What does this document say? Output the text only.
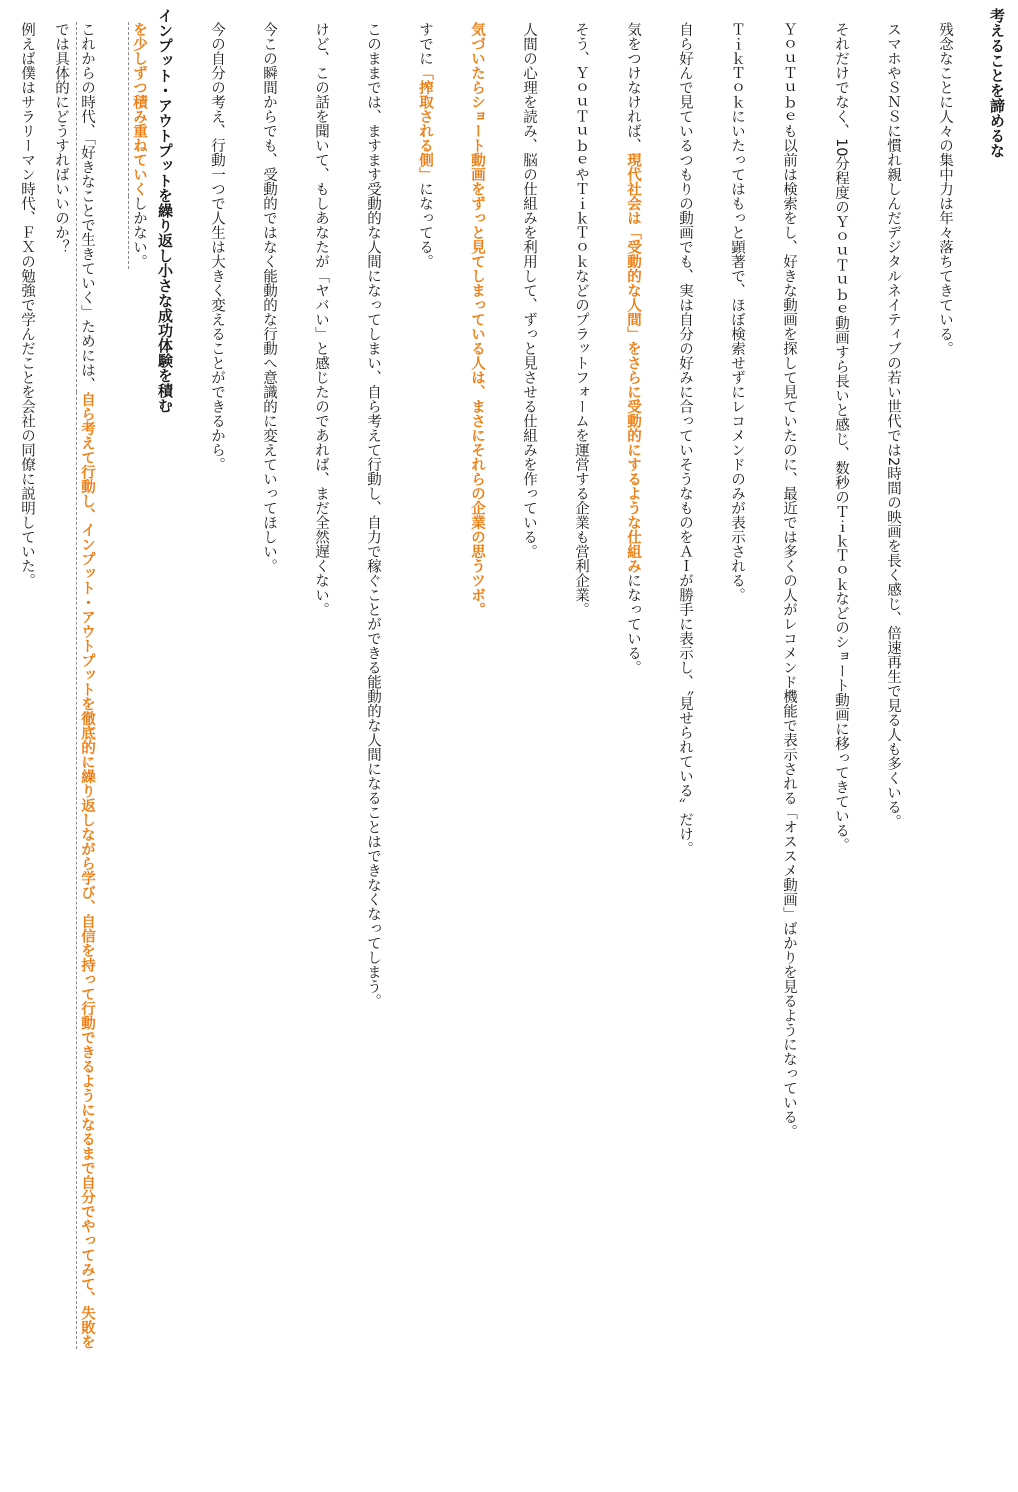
考えることを諦めるな
残念なことに人々の集中力は年々落ちてきている。
スマホやＳＮＳに慣れ親しんだデジタルネイティブの若い世代では2時間の映画を長く感じ、倍速再生で見る人も多くいる。
それだけでなく、10分程度のＹｏｕＴｕｂｅ動画すら長いと感じ、数秒のＴｉｋＴｏｋなどのショート動画に移ってきている。
ＹｏｕＴｕｂｅも以前は検索をし、好きな動画を探して見ていたのに、最近では多くの人がレコメンド機能で表示される「オススメ動画」ばかりを見るようになっている。
ＴｉｋＴｏｋにいたってはもっと顕著で、ほぼ検索せずにレコメンドのみが表示される。
自ら好んで見ているつもりの動画でも、実は自分の好みに合っていそうなものをＡＩが勝手に表示し、〝見せられている〟だけ。
気をつけなければ、現代社会は「受動的な人間」をさらに受動的にするような仕組みになっている。
そう、ＹｏｕＴｕｂｅやＴｉｋＴｏｋなどのプラットフォームを運営する企業も営利企業。
人間の心理を読み、脳の仕組みを利用して、ずっと見させる仕組みを作っている。
気づいたらショート動画をずっと見てしまっている人は、まさにそれらの企業の思うツボ。
すでに「搾取される側」になってる。
このままでは、ますます受動的な人間になってしまい、自ら考えて行動し、自力で稼ぐことができる能動的な人間になることはできなくなってしまう。
けど、この話を聞いて、もしあなたが「ヤバい」と感じたのであれば、まだ全然遅くない。
今この瞬間からでも、受動的ではなく能動的な行動へ意識的に変えていってほしい。
今の自分の考え、行動一つで人生は大きく変えることができるから。
インプット・アウトプットを繰り返し小さな成功体験を積む
これからの時代、「好きなことで生きていく」ためには、自ら考えて行動し、インプット・アウトプットを徹底的に繰り返しながら学び、自信を持って行動できるようになるまで自分でやってみて、失敗を
を少しずつ積み重ねていくしかない。
では具体的にどうすればいいのか？
例えば僕はサラリーマン時代、ＦＸの勉強で学んだことを会社の同僚に説明していた。
